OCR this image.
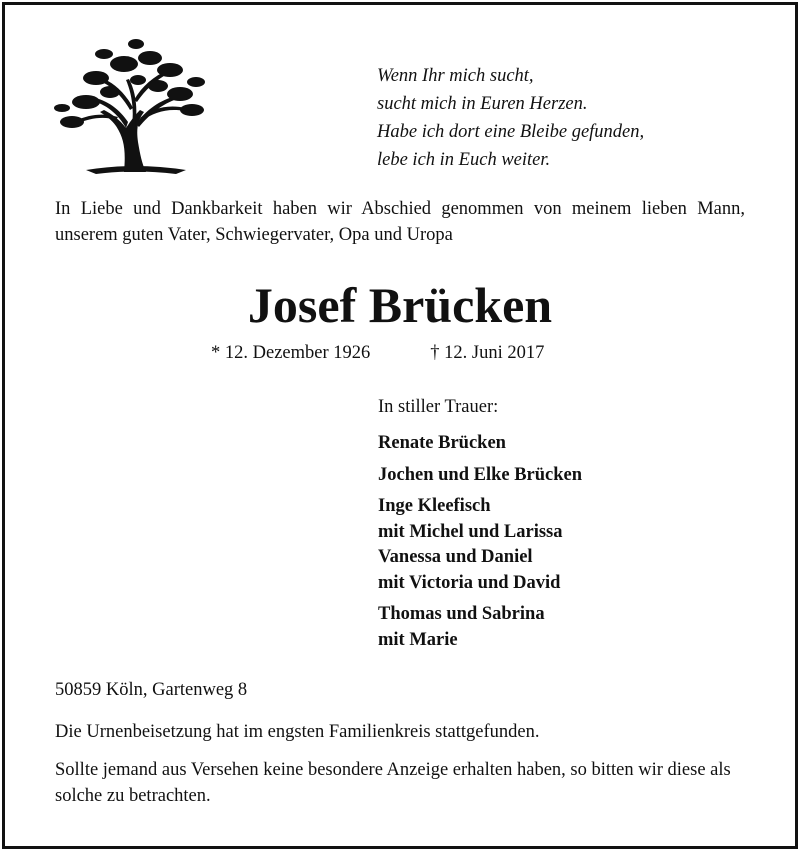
Wenn Ihr mich sucht,
sucht mich in Euren Herzen.
Habe ich dort eine Bleibe gefunden,
lebe ich in Euch weiter.
In Liebe und Dankbarkeit haben wir Abschied genommen von meinem lieben Mann, unserem guten Vater, Schwiegervater, Opa und Uropa
Josef Brücken
* 12. Dezember 1926	† 12. Juni 2017
In stiller Trauer:
Renate Brücken
Jochen und Elke Brücken
Inge Kleefisch
mit Michel und Larissa
Vanessa und Daniel
mit Victoria und David
Thomas und Sabrina
mit Marie
50859 Köln, Gartenweg 8
Die Urnenbeisetzung hat im engsten Familienkreis stattgefunden.
Sollte jemand aus Versehen keine besondere Anzeige erhalten haben, so bitten wir diese als solche zu betrachten.
